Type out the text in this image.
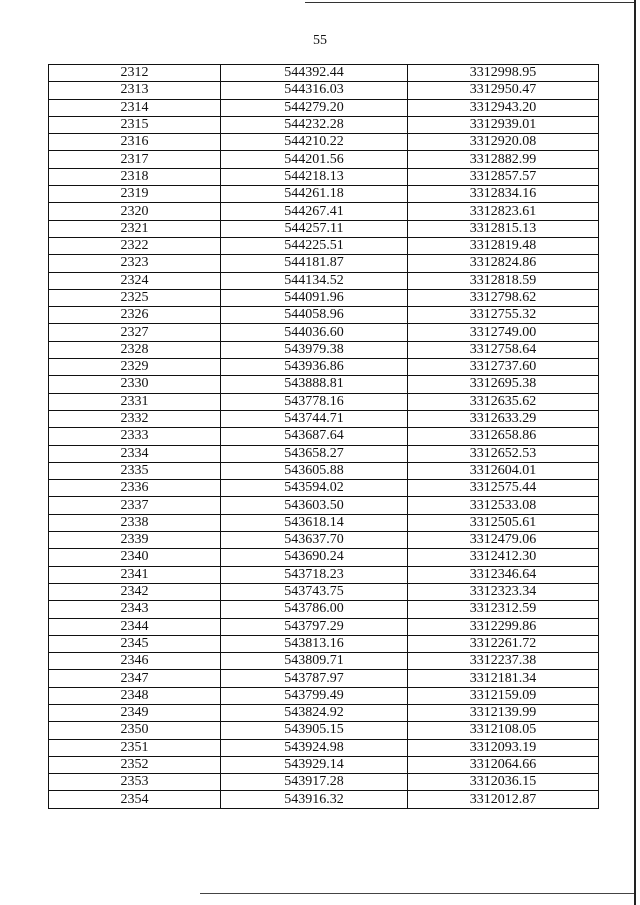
55
2312	544392.44	3312998.95
2313	544316.03	3312950.47
2314	544279.20	3312943.20
2315	544232.28	3312939.01
2316	544210.22	3312920.08
2317	544201.56	3312882.99
2318	544218.13	3312857.57
2319	544261.18	3312834.16
2320	544267.41	3312823.61
2321	544257.11	3312815.13
2322	544225.51	3312819.48
2323	544181.87	3312824.86
2324	544134.52	3312818.59
2325	544091.96	3312798.62
2326	544058.96	3312755.32
2327	544036.60	3312749.00
2328	543979.38	3312758.64
2329	543936.86	3312737.60
2330	543888.81	3312695.38
2331	543778.16	3312635.62
2332	543744.71	3312633.29
2333	543687.64	3312658.86
2334	543658.27	3312652.53
2335	543605.88	3312604.01
2336	543594.02	3312575.44
2337	543603.50	3312533.08
2338	543618.14	3312505.61
2339	543637.70	3312479.06
2340	543690.24	3312412.30
2341	543718.23	3312346.64
2342	543743.75	3312323.34
2343	543786.00	3312312.59
2344	543797.29	3312299.86
2345	543813.16	3312261.72
2346	543809.71	3312237.38
2347	543787.97	3312181.34
2348	543799.49	3312159.09
2349	543824.92	3312139.99
2350	543905.15	3312108.05
2351	543924.98	3312093.19
2352	543929.14	3312064.66
2353	543917.28	3312036.15
2354	543916.32	3312012.87
